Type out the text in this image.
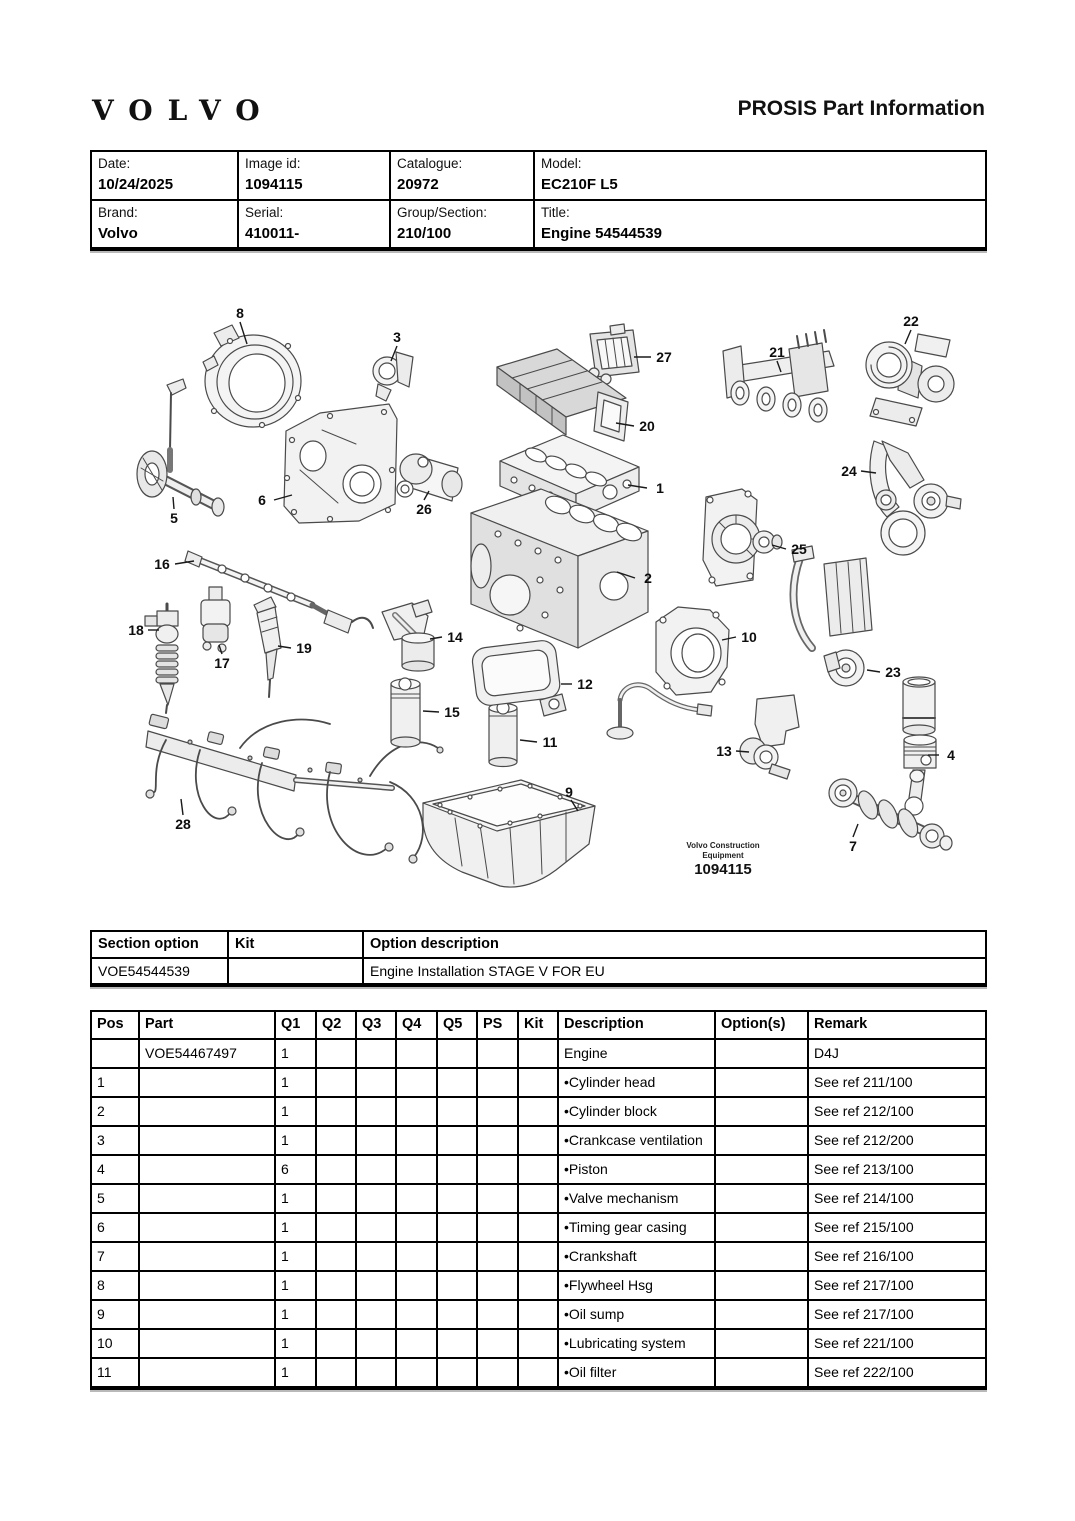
VOLVO	PROSIS Part Information
Date:
10/24/2025

Image id:
1094115

Catalogue:
20972

Model:
EC210F L5

Brand:
Volvo

Serial:
410011-

Group/Section:
210/100

Title:
Engine 54544539
8
3
27
20
21
22
1
24
26
6
5
25
2
16
18
17
19
14
15
11
12
10
23
13	4
9
7
28
Volvo Construction
Equipment
1094115
Section option	Kit	Option description
VOE54544539		Engine Installation STAGE V FOR EU
Pos	Part	Q1	Q2	Q3	Q4	Q5	PS	Kit	Description	Option(s)	Remark
	VOE54467497	1							Engine		D4J
1		1							•Cylinder head		See ref 211/100
2		1							•Cylinder block		See ref 212/100
3		1							•Crankcase ventilation		See ref 212/200
4		6							•Piston		See ref 213/100
5		1							•Valve mechanism		See ref 214/100
6		1							•Timing gear casing		See ref 215/100
7		1							•Crankshaft		See ref 216/100
8		1							•Flywheel Hsg		See ref 217/100
9		1							•Oil sump		See ref 217/100
10		1							•Lubricating system		See ref 221/100
11		1							•Oil filter		See ref 222/100
